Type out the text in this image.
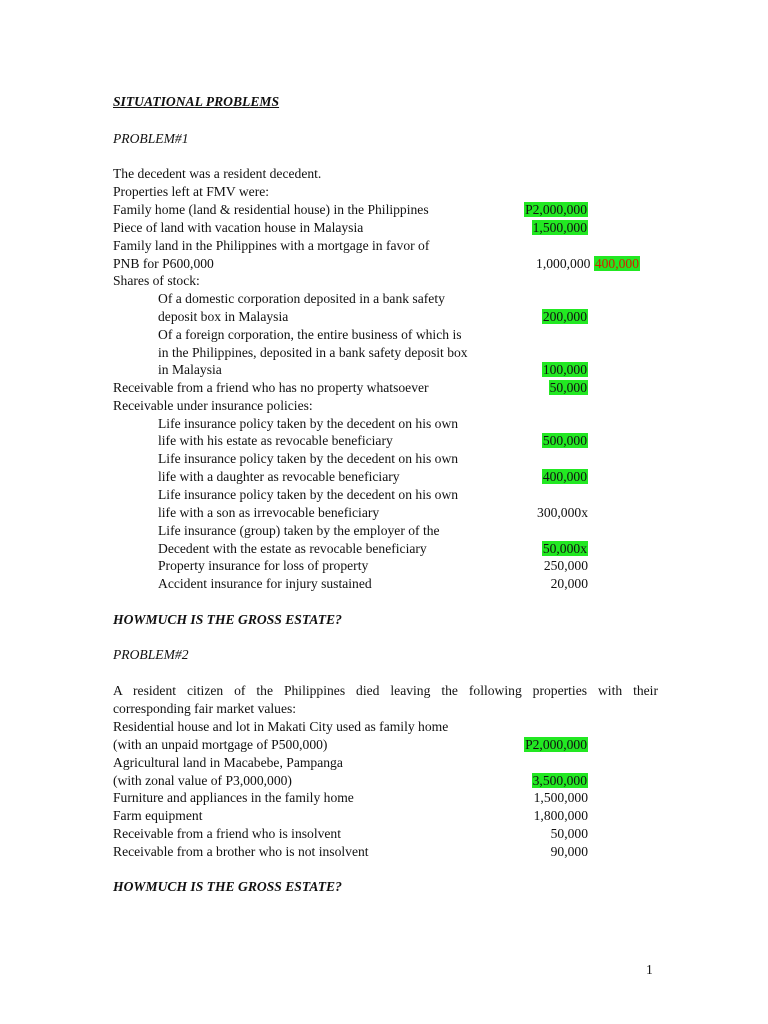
SITUATIONAL PROBLEMS
PROBLEM#1
The decedent was a resident decedent.
Properties left at FMV were:
Family home (land & residential house) in the Philippines	P2,000,000
Piece of land with vacation house in Malaysia	1,500,000
Family land in the Philippines with a mortgage in favor of
PNB for P600,000	1,000,000 400,000
Shares of stock:
Of a domestic corporation deposited in a bank safety
deposit box in Malaysia	200,000
Of a foreign corporation, the entire business of which is
in the Philippines, deposited in a bank safety deposit box
in Malaysia	100,000
Receivable from a friend who has no property whatsoever	50,000
Receivable under insurance policies:
Life insurance policy taken by the decedent on his own
life with his estate as revocable beneficiary	500,000
Life insurance policy taken by the decedent on his own
life with a daughter as revocable beneficiary	400,000
Life insurance policy taken by the decedent on his own
life with a son as irrevocable beneficiary	300,000x
Life insurance (group) taken by the employer of the
Decedent with the estate as revocable beneficiary	50,000x
Property insurance for loss of property	250,000
Accident insurance for injury sustained	20,000
HOWMUCH IS THE GROSS ESTATE?
PROBLEM#2
A resident citizen of the Philippines died leaving the following properties with their
corresponding fair market values:
Residential house and lot in Makati City used as family home
(with an unpaid mortgage of P500,000)	P2,000,000
Agricultural land in Macabebe, Pampanga
(with zonal value of P3,000,000)	3,500,000
Furniture and appliances in the family home	1,500,000
Farm equipment	1,800,000
Receivable from a friend who is insolvent	50,000
Receivable from a brother who is not insolvent	90,000
HOWMUCH IS THE GROSS ESTATE?
1
